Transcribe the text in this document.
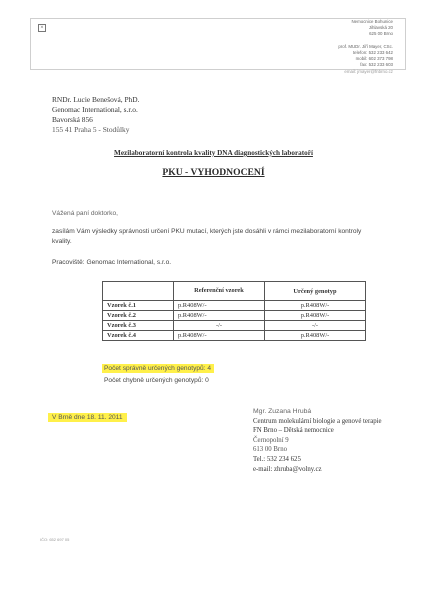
×
Nemocnice Bohunice
Jihlavská 20
625 00 Brno
prof. MUDr. Jiří Mayer, CSc.
telefon: 532 233 642
mobil: 602 373 798
fax: 532 233 603
email: jmayer@fnbrno.cz
RNDr. Lucie Benešová, PhD.
Genomac International, s.r.o.
Bavorská 856
155 41 Praha 5 - Stodůlky
Mezilaboratorní kontrola kvality DNA diagnostických laboratoří
PKU - VYHODNOCENÍ
Vážená paní doktorko,
zasílám Vám výsledky správnosti určení PKU mutací, kterých jste dosáhli v rámci mezilaboratorní kontroly kvality.
Pracoviště: Genomac International, s.r.o.
	Referenční vzorek	Určený genotyp
Vzorek č.1	p.R408W/-	p.R408W/-
Vzorek č.2	p.R408W/-	p.R408W/-
Vzorek č.3	-/-	-/-
Vzorek č.4	p.R408W/-	p.R408W/-
Počet správně určených genotypů: 4
Počet chybně určených genotypů: 0
V Brně dne 18. 11. 2011
Mgr. Zuzana Hrubá
Centrum molekulární biologie a genové terapie
FN Brno – Dětská nemocnice
Černopolní 9
613 00 Brno
Tel.: 532 234 625
e-mail: zhruba@volny.cz
IČO: 652 697 05
